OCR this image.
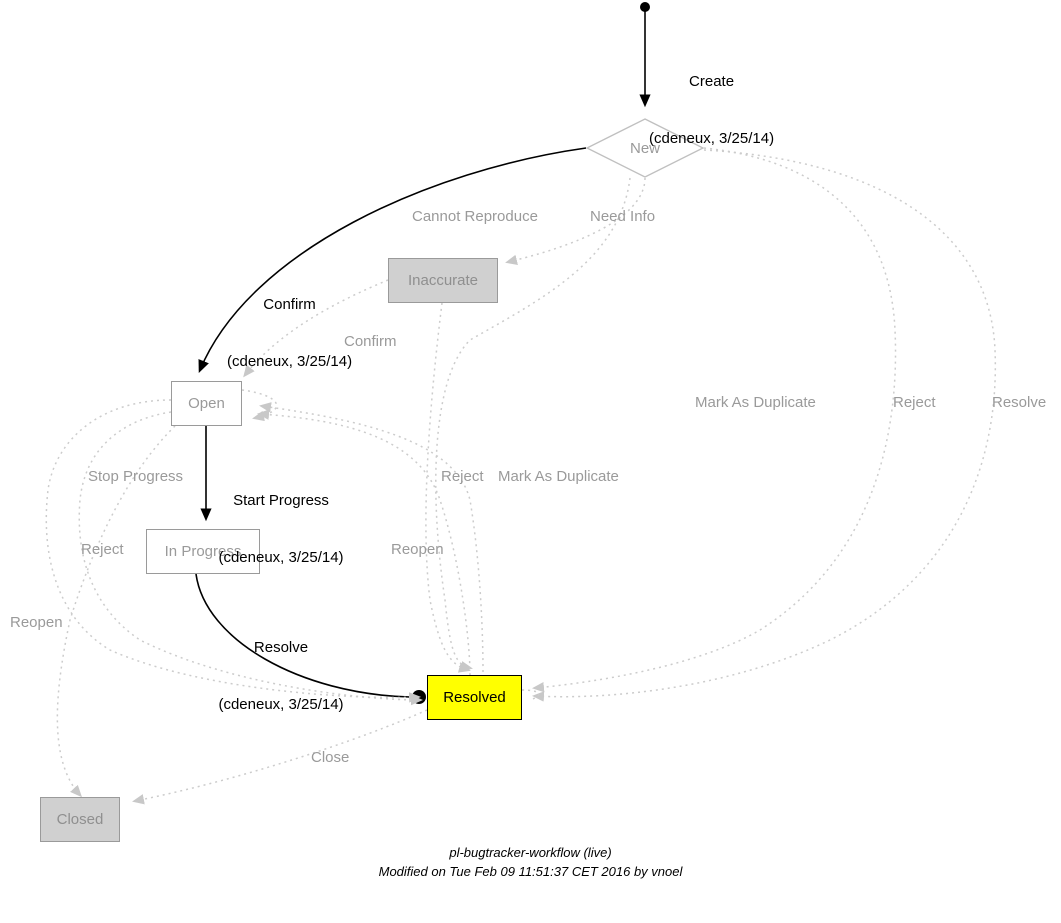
New
Inaccurate
Open
In Progress
Resolved
Closed

Create

(cdeneux, 3/25/14)

Cannot Reproduce	Need Info

Confirm

(cdeneux, 3/25/14)

Confirm
Mark As Duplicate	Reject	Resolve
Stop Progress

Start Progress

(cdeneux, 3/25/14)

Reject Mark As Duplicate
Reject	Reopen
Reopen

Resolve

(cdeneux, 3/25/14)

Close
pl-bugtracker-workflow (live)
Modified on Tue Feb 09 11:51:37 CET 2016 by vnoel
